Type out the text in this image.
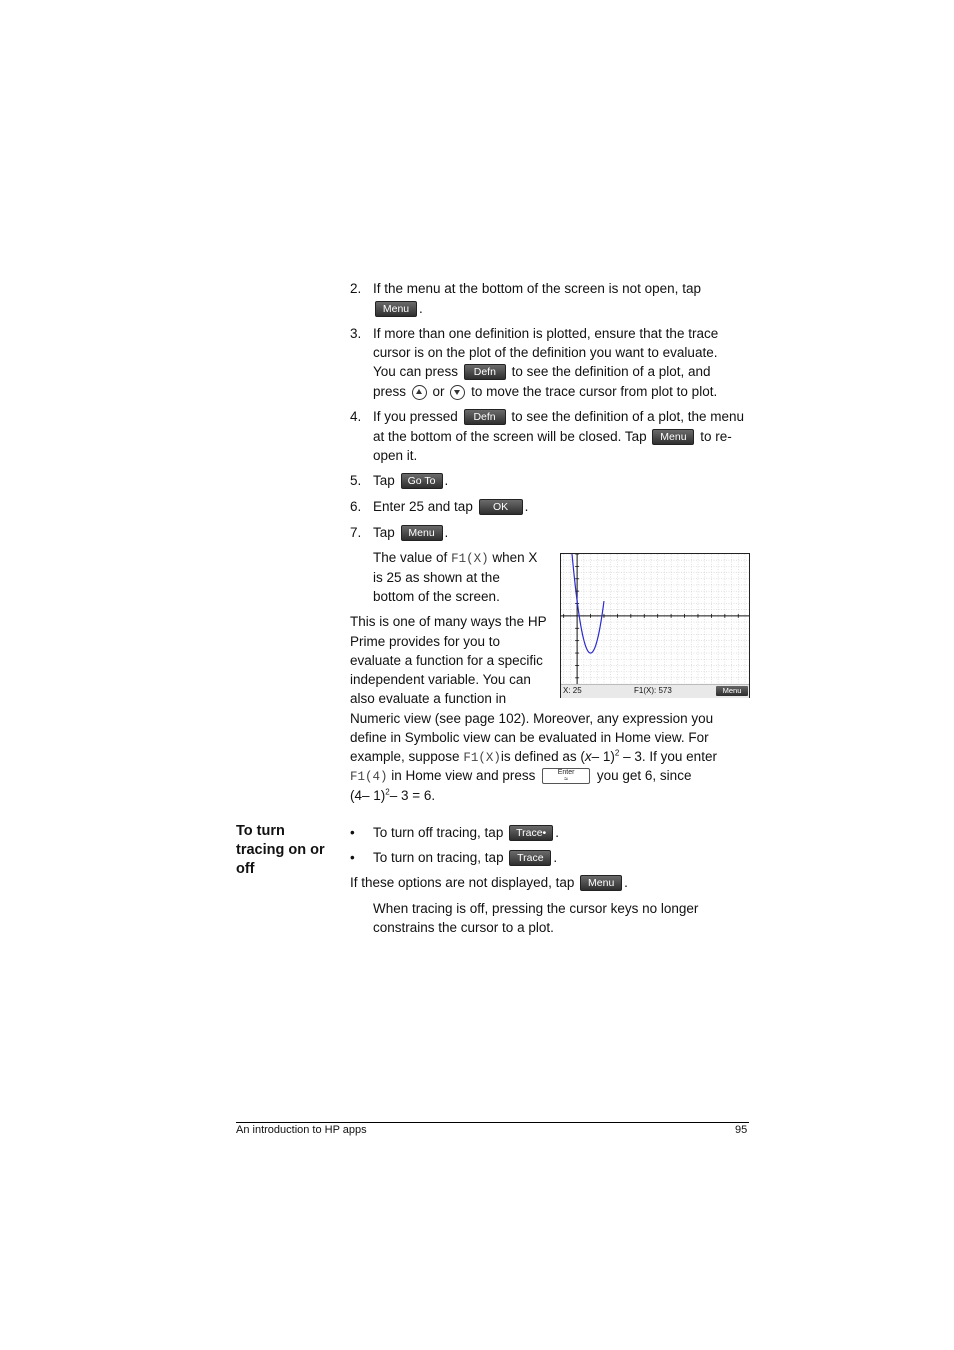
2. If the menu at the bottom of the screen is not open, tap
Menu .
3. If more than one definition is plotted, ensure that the trace
cursor is on the plot of the definition you want to evaluate.
You can press Defn to see the definition of a plot, and
press or to move the trace cursor from plot to plot.
4. If you pressed Defn to see the definition of a plot, the menu
at the bottom of the screen will be closed. Tap Menu to re-
open it.
5. Tap Go To .
6. Enter 25 and tap OK .
7. Tap Menu .
The value of F1(X) when X
is 25 as shown at the
bottom of the screen.
This is one of many ways the HP
Prime provides for you to
evaluate a function for a specific
independent variable. You can
also evaluate a function in
Numeric view (see page 102). Moreover, any expression you
define in Symbolic view can be evaluated in Home view. For
example, suppose F1(X)is defined as (x– 1)$^2$ – 3. If you enter
F1(4) in Home view and press	Enter
≈ you get 6, since
(4– 1)$^2$– 3 = 6.
X: 25	F1(X): 573	Menu
To turn
tracing on or
off
• To turn off tracing, tap Trace• .
• To turn on tracing, tap Trace .
If these options are not displayed, tap Menu .
When tracing is off, pressing the cursor keys no longer
constrains the cursor to a plot.
An introduction to HP apps	95
